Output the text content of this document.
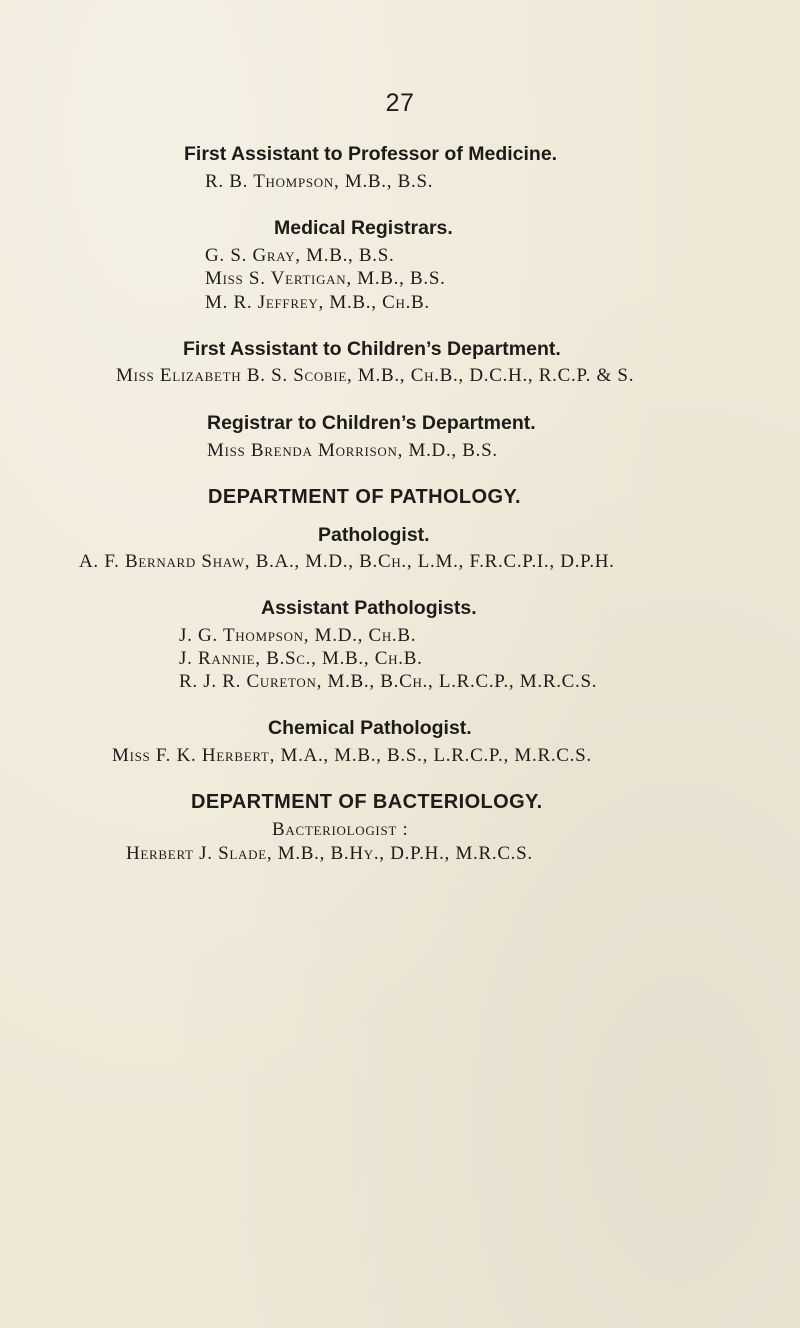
27
First Assistant to Professor of Medicine.
R. B. Thompson, M.B., B.S.
Medical Registrars.
G. S. Gray, M.B., B.S.
Miss S. Vertigan, M.B., B.S.
M. R. Jeffrey, M.B., Ch.B.
First Assistant to Children’s Department.
Miss Elizabeth B. S. Scobie, M.B., Ch.B., D.C.H., R.C.P. & S.
Registrar to Children’s Department.
Miss Brenda Morrison, M.D., B.S.
DEPARTMENT OF PATHOLOGY.
Pathologist.
A. F. Bernard Shaw, B.A., M.D., B.Ch., L.M., F.R.C.P.I., D.P.H.
Assistant Pathologists.
J. G. Thompson, M.D., Ch.B.
J. Rannie, B.Sc., M.B., Ch.B.
R. J. R. Cureton, M.B., B.Ch., L.R.C.P., M.R.C.S.
Chemical Pathologist.
Miss F. K. Herbert, M.A., M.B., B.S., L.R.C.P., M.R.C.S.
DEPARTMENT OF BACTERIOLOGY.
Bacteriologist :
Herbert J. Slade, M.B., B.Hy., D.P.H., M.R.C.S.
